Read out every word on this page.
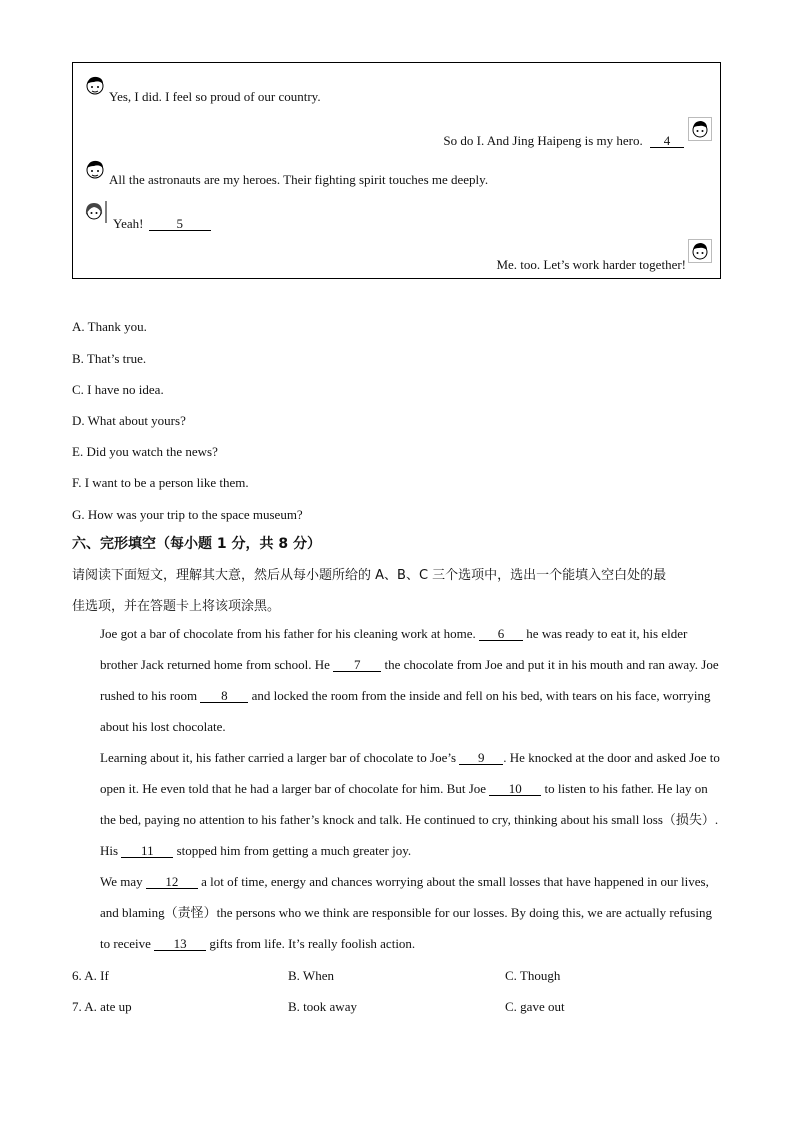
Yes, I did. I feel so proud of our country.
So do I. And Jing Haipeng is my hero. 4
All the astronauts are my heroes. Their fighting spirit touches me deeply.
Yeah!	5
Me. too. Let’s work harder together!
A. Thank you.
B. That’s true.
C. I have no idea.
D. What about yours?
E. Did you watch the news?
F. I want to be a person like them.
G. How was your trip to the space museum?
六、完形填空（每小题 1 分，共 8 分）
请阅读下面短文，理解其大意，然后从每小题所给的 A、B、C 三个选项中，选出一个能填入空白处的最
佳选项，并在答题卡上将该项涂黑。

Joe got a bar of chocolate from his father for his cleaning work at home. 6 he was ready to eat it, his elder brother Jack returned home from school. He 7 the chocolate from Joe and put it in his mouth and ran away. Joe rushed to his room 8 and locked the room from the inside and fell on his bed, with tears on his face, worrying about his lost chocolate.

Learning about it, his father carried a larger bar of chocolate to Joe’s 9 . He knocked at the door and asked Joe to open it. He even told that he had a larger bar of chocolate for him. But Joe 10 to listen to his father. He lay on the bed, paying no attention to his father’s knock and talk. He continued to cry, thinking about his small loss（损失）. His 11 stopped him from getting a much greater joy.

We may 12 a lot of time, energy and chances worrying about the small losses that have happened in our lives, and blaming（责怪）the persons who we think are responsible for our losses. By doing this, we are actually refusing to receive 13 gifts from life. It’s really foolish action.

6. A. If	B. When	C. Though
7. A. ate up	B. took away	C. gave out
